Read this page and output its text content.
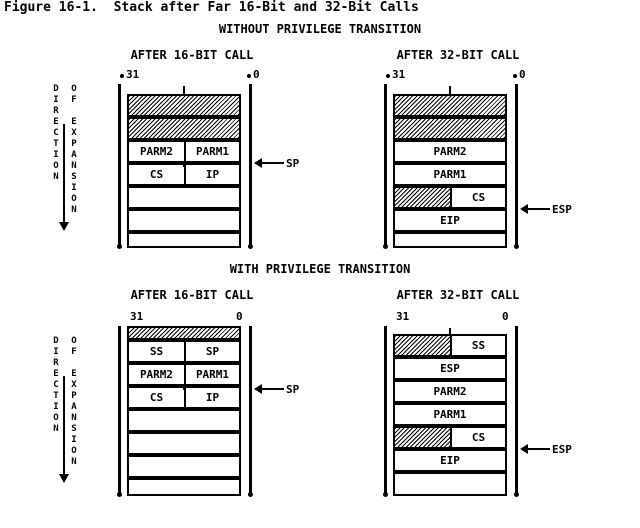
Figure 16-1.  Stack after Far 16-Bit and 32-Bit Calls
WITHOUT PRIVILEGE TRANSITION
AFTER 16-BIT CALL	AFTER 32-BIT CALL
D
I
R
E
C
T
I
O
N
O
F

E
X
P
A
N
S
I
O
N
31	0
PARM2	PARM1
CS	IP
SP
31	0
PARM2
PARM1
CS
EIP
ESP
WITH PRIVILEGE TRANSITION
AFTER 16-BIT CALL	AFTER 32-BIT CALL
D
I
R
E
C
T
I
O
N
O
F

E
X
P
A
N
S
I
O
N
31	0
SS	SP
PARM2	PARM1
CS	IP
SP
31	0
SS
ESP
PARM2
PARM1
CS
EIP
ESP
